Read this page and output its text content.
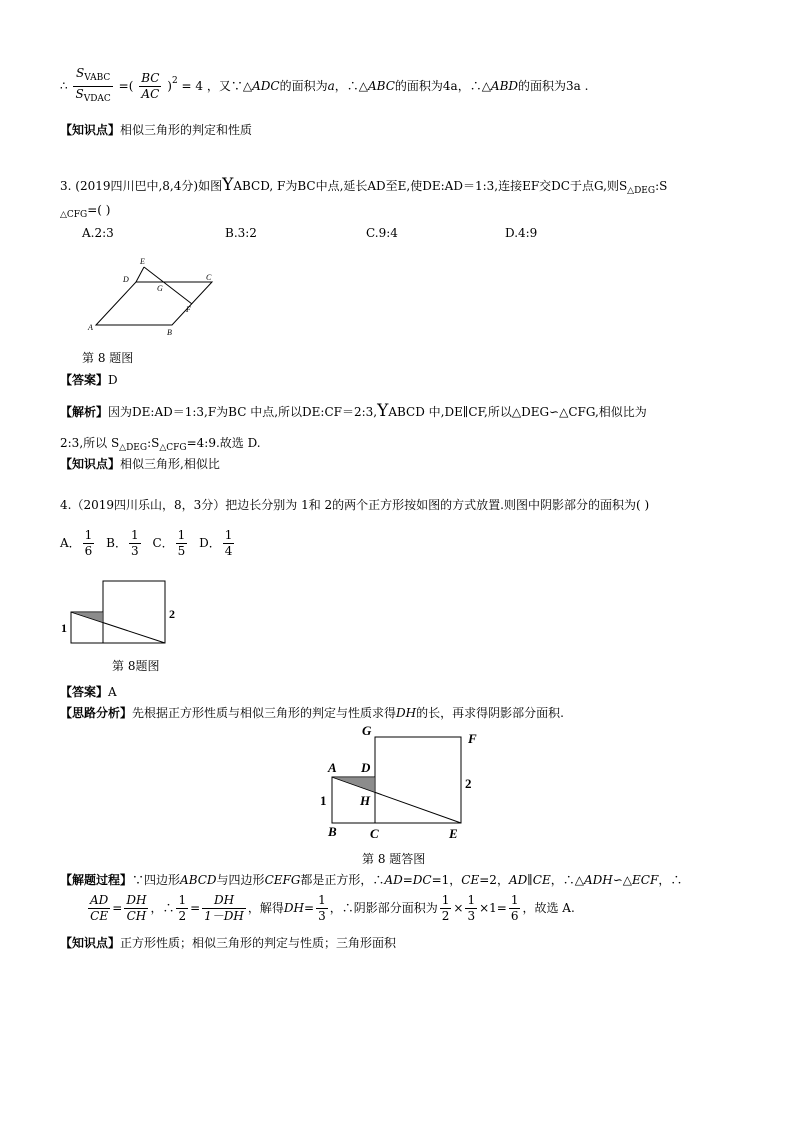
∴ $\frac{S_{VABC}}{S_{VDAC}}$ =( $\frac{BC}{AC} )^2 = 4$ ，又∵△ADC的面积为a，∴△ABC的面积为4a，∴△ABD的面积为3a .
【知识点】相似三角形的判定和性质
3. (2019四川巴中,8,4分)如图YABCD, F为BC中点,延长AD至E,使DE:AD＝1:3,连接EF交DC于点G,则$S_{\triangle DEG}:S$
$_{\triangle CFG}$=( )
A.2:3	B.3:2	C.9:4	D.4:9
E
D	C
G
F
A
B
第 8 题图
【答案】D
【解析】因为DE:AD＝1:3,F为BC 中点,所以DE:CF＝2:3,YABCD 中,DE∥CF,所以△DEG∽△CFG,相似比为
2:3,所以 $S_{\triangle DEG}:S_{\triangle CFG}=4:9$.故选 D.
【知识点】相似三角形,相似比
4.（2019四川乐山，8，3分）把边长分别为 1和 2的两个正方形按如图的方式放置.则图中阴影部分的面积为( )
A． $\frac{1}{6}$ B． $\frac{1}{3}$ C． $\frac{1}{5}$ D． $\frac{1}{4}$
1
2
第 8题图
【答案】A
【思路分析】先根据正方形性质与相似三角形的判定与性质求得DH的长，再求得阴影部分面积.
G
F
A D
H
1
2
B	C	E
第 8 题答图
【解题过程】∵四边形ABCD与四边形CEFG都是正方形，∴AD=DC=1，CE=2，AD∥CE，∴△ADH∽△ECF，∴
$\frac{AD}{CE} = \frac{DH}{CH}$ ，∴ $\frac{1}{2} = \frac{DH}{1-DH}$ ，解得$DH= \frac{1}{3}$ ，∴阴影部分面积为 $\frac{1}{2} \times \frac{1}{3} \times 1= \frac{1}{6}$ ，故选 A.
【知识点】正方形性质；相似三角形的判定与性质；三角形面积
